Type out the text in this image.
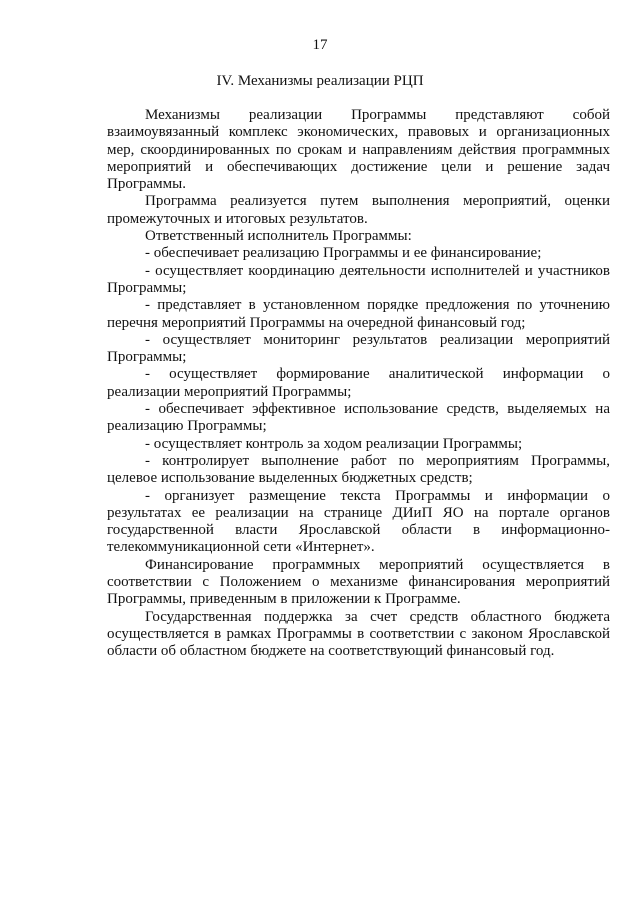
17
IV. Механизмы реализации РЦП

Механизмы реализации Программы представляют собой взаимоувязанный комплекс экономических, правовых и организационных мер, скоординированных по срокам и направлениям действия программных мероприятий и обеспечивающих достижение цели и решение задач Программы.

Программа реализуется путем выполнения мероприятий, оценки промежуточных и итоговых результатов.

Ответственный исполнитель Программы:

- обеспечивает реализацию Программы и ее финансирование;

- осуществляет координацию деятельности исполнителей и участников Программы;

- представляет в установленном порядке предложения по уточнению перечня мероприятий Программы на очередной финансовый год;

- осуществляет мониторинг результатов реализации мероприятий Программы;

- осуществляет формирование аналитической информации о реализации мероприятий Программы;

- обеспечивает эффективное использование средств, выделяемых на реализацию Программы;

- осуществляет контроль за ходом реализации Программы;

- контролирует выполнение работ по мероприятиям Программы, целевое использование выделенных бюджетных средств;

- организует размещение текста Программы и информации о результатах ее реализации на странице ДИиП ЯО на портале органов государственной власти Ярославской области в информационно-телекоммуникационной сети «Интернет».

Финансирование программных мероприятий осуществляется в соответствии с Положением о механизме финансирования мероприятий Программы, приведенным в приложении к Программе.

Государственная поддержка за счет средств областного бюджета осуществляется в рамках Программы в соответствии с законом Ярославской области об областном бюджете на соответствующий финансовый год.
